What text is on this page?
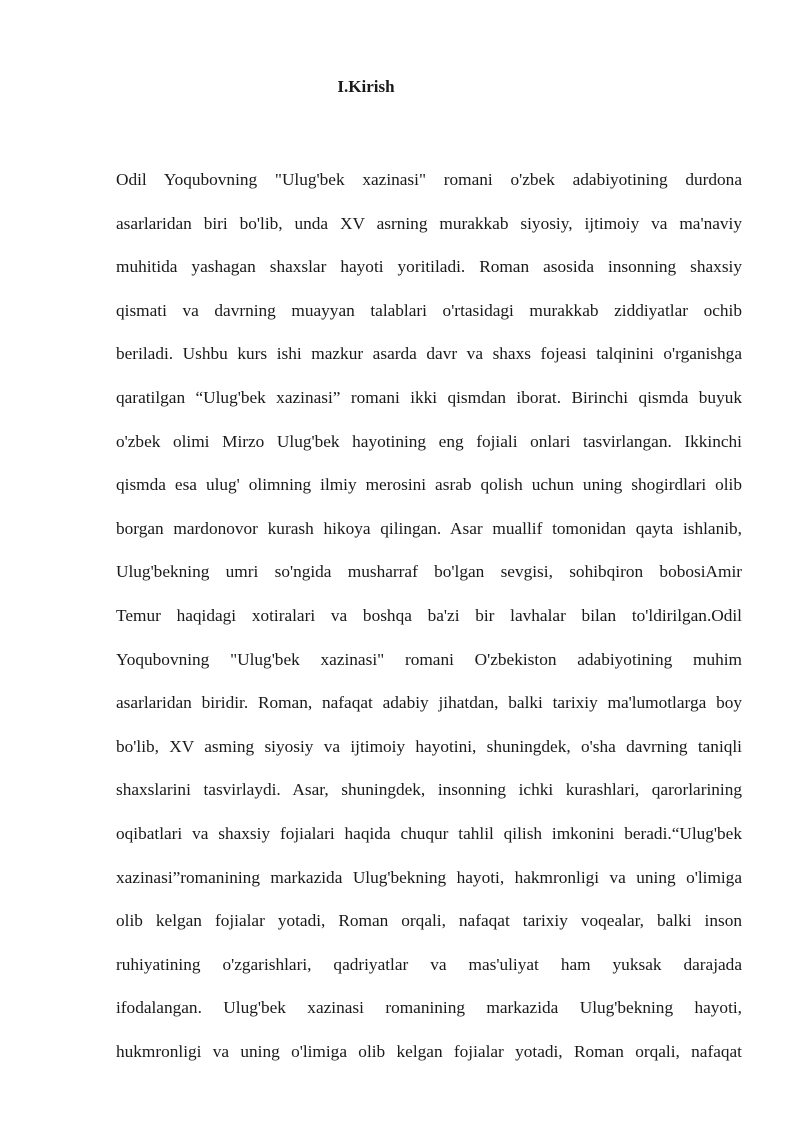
I.Kirish
Odil Yoqubovning "Ulug'bek xazinasi" romani o'zbek adabiyotining durdona
asarlaridan biri bo'lib, unda XV asrning murakkab siyosiy, ijtimoiy va ma'naviy
muhitida yashagan shaxslar hayoti yoritiladi. Roman asosida insonning shaxsiy
qismati va davrning muayyan talablari o'rtasidagi murakkab ziddiyatlar ochib
beriladi. Ushbu kurs ishi mazkur asarda davr va shaxs fojeasi talqinini o'rganishga
qaratilgan “Ulug'bek xazinasi” romani ikki qismdan iborat. Birinchi qismda buyuk
o'zbek olimi Mirzo Ulug'bek hayotining eng fojiali onlari tasvirlangan. Ikkinchi
qismda esa ulug' olimning ilmiy merosini asrab qolish uchun uning shogirdlari olib
borgan mardonovor kurash hikoya qilingan. Asar muallif tomonidan qayta ishlanib,
Ulug'bekning umri so'ngida musharraf bo'lgan sevgisi, sohibqiron bobosiAmir
Temur haqidagi xotiralari va boshqa ba'zi bir lavhalar bilan to'ldirilgan.Odil
Yoqubovning "Ulug'bek xazinasi" romani O'zbekiston adabiyotining muhim
asarlaridan biridir. Roman, nafaqat adabiy jihatdan, balki tarixiy ma'lumotlarga boy
bo'lib, XV asming siyosiy va ijtimoiy hayotini, shuningdek, o'sha davrning taniqli
shaxslarini tasvirlaydi. Asar, shuningdek, insonning ichki kurashlari, qarorlarining
oqibatlari va shaxsiy fojialari haqida chuqur tahlil qilish imkonini beradi.“Ulug'bek
xazinasi”romanining markazida Ulug'bekning hayoti, hakmronligi va uning o'limiga
olib kelgan fojialar yotadi, Roman orqali, nafaqat tarixiy voqealar, balki inson
ruhiyatining o'zgarishlari, qadriyatlar va mas'uliyat ham yuksak darajada
ifodalangan. Ulug'bek xazinasi romanining markazida Ulug'bekning hayoti,
hukmronligi va uning o'limiga olib kelgan fojialar yotadi, Roman orqali, nafaqat
